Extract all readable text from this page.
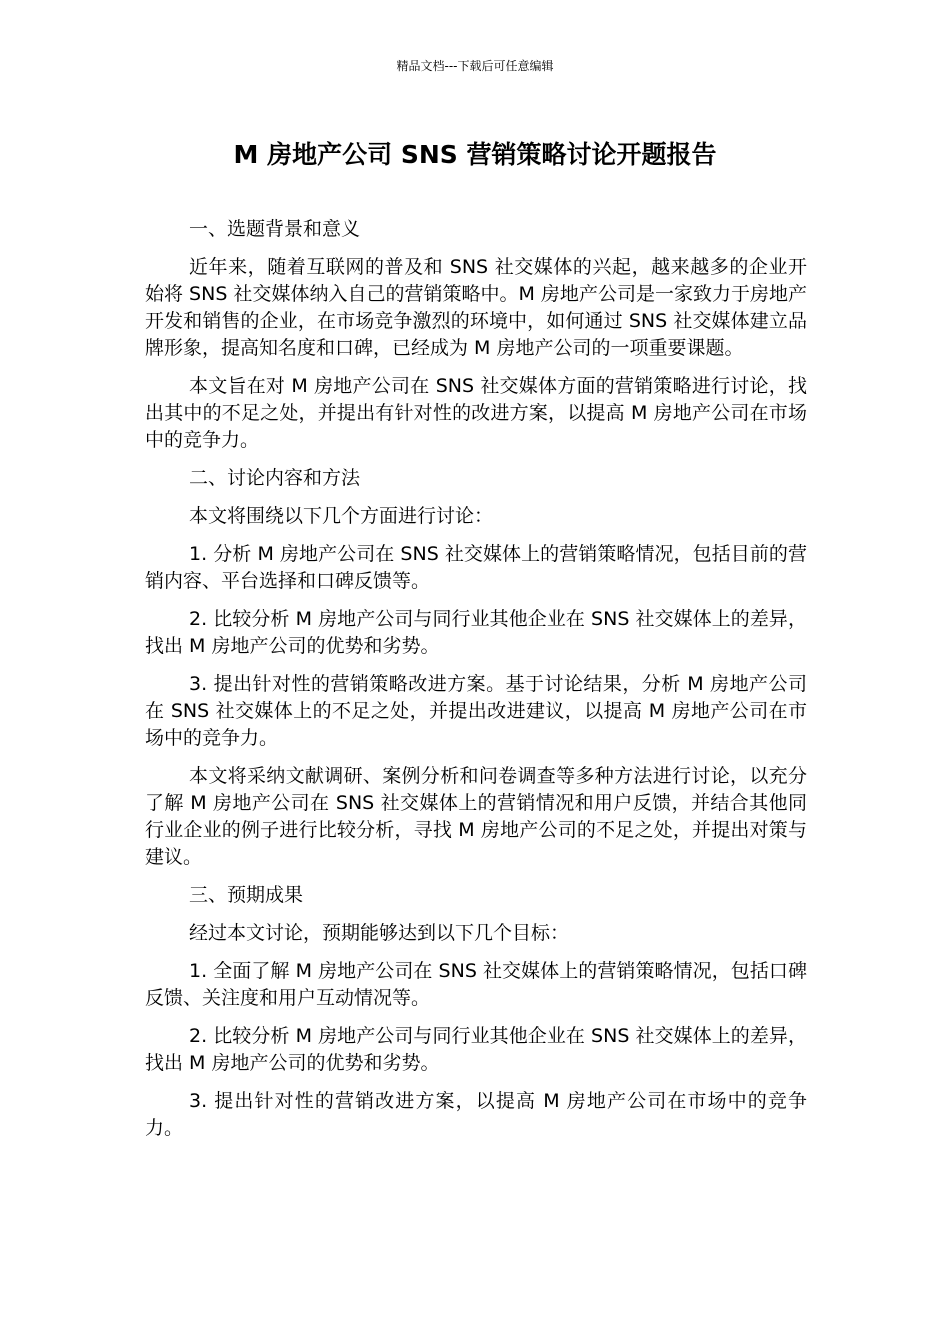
精品文档---下载后可任意编辑
M 房地产公司 SNS 营销策略讨论开题报告

一、选题背景和意义

近年来，随着互联网的普及和 SNS 社交媒体的兴起，越来越多的企业开始将 SNS 社交媒体纳入自己的营销策略中。M 房地产公司是一家致力于房地产开发和销售的企业，在市场竞争激烈的环境中，如何通过 SNS 社交媒体建立品牌形象，提高知名度和口碑，已经成为 M 房地产公司的一项重要课题。

本文旨在对 M 房地产公司在 SNS 社交媒体方面的营销策略进行讨论，找出其中的不足之处，并提出有针对性的改进方案，以提高 M 房地产公司在市场中的竞争力。

二、讨论内容和方法

本文将围绕以下几个方面进行讨论：

1. 分析 M 房地产公司在 SNS 社交媒体上的营销策略情况，包括目前的营销内容、平台选择和口碑反馈等。

2. 比较分析 M 房地产公司与同行业其他企业在 SNS 社交媒体上的差异，找出 M 房地产公司的优势和劣势。

3. 提出针对性的营销策略改进方案。基于讨论结果，分析 M 房地产公司在 SNS 社交媒体上的不足之处，并提出改进建议，以提高 M 房地产公司在市场中的竞争力。

本文将采纳文献调研、案例分析和问卷调查等多种方法进行讨论，以充分了解 M 房地产公司在 SNS 社交媒体上的营销情况和用户反馈，并结合其他同行业企业的例子进行比较分析，寻找 M 房地产公司的不足之处，并提出对策与建议。

三、预期成果

经过本文讨论，预期能够达到以下几个目标：

1. 全面了解 M 房地产公司在 SNS 社交媒体上的营销策略情况，包括口碑反馈、关注度和用户互动情况等。

2. 比较分析 M 房地产公司与同行业其他企业在 SNS 社交媒体上的差异，找出 M 房地产公司的优势和劣势。

3. 提出针对性的营销改进方案，以提高 M 房地产公司在市场中的竞争力。
